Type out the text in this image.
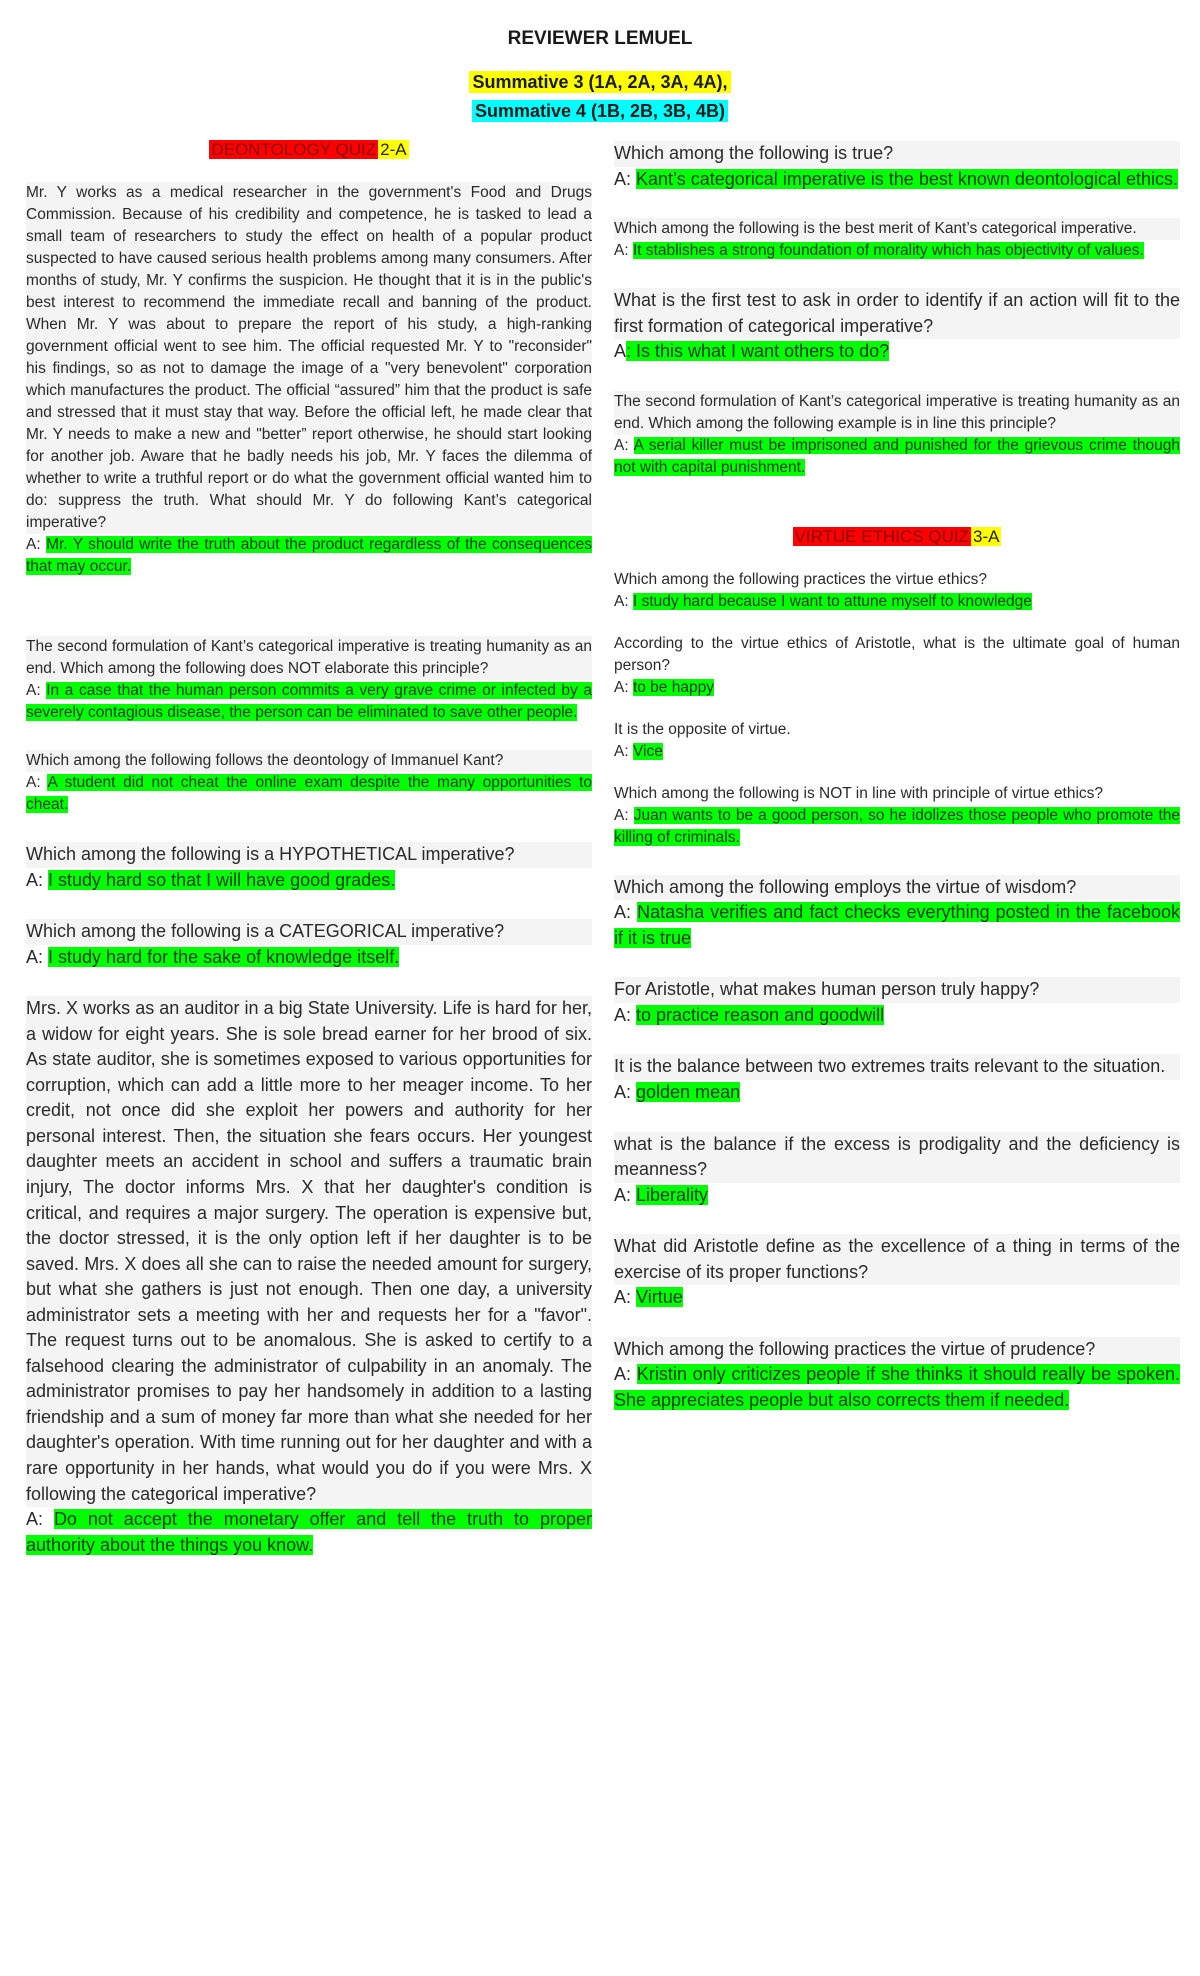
REVIEWER LEMUEL
Summative 3 (1A, 2A, 3A, 4A),
Summative 4 (1B, 2B, 3B, 4B)
DEONTOLOGY QUIZ 2-A
Mr. Y works as a medical researcher in the government's Food and Drugs Commission. Because of his credibility and competence, he is tasked to lead a small team of researchers to study the effect on health of a popular product suspected to have caused serious health problems among many consumers. After months of study, Mr. Y confirms the suspicion. He thought that it is in the public's best interest to recommend the immediate recall and banning of the product. When Mr. Y was about to prepare the report of his study, a high-ranking government official went to see him. The official requested Mr. Y to "reconsider" his findings, so as not to damage the image of a "very benevolent" corporation which manufactures the product. The official “assured” him that the product is safe and stressed that it must stay that way. Before the official left, he made clear that Mr. Y needs to make a new and "better” report otherwise, he should start looking for another job. Aware that he badly needs his job, Mr. Y faces the dilemma of whether to write a truthful report or do what the government official wanted him to do: suppress the truth. What should Mr. Y do following Kant’s categorical imperative?
A: Mr. Y should write the truth about the product regardless of the consequences that may occur.
The second formulation of Kant’s categorical imperative is treating humanity as an end. Which among the following does NOT elaborate this principle?
A: In a case that the human person commits a very grave crime or infected by a severely contagious disease, the person can be eliminated to save other people.
Which among the following follows the deontology of Immanuel Kant?
A: A student did not cheat the online exam despite the many opportunities to cheat.
Which among the following is a HYPOTHETICAL imperative?
A: I study hard so that I will have good grades.
Which among the following is a CATEGORICAL imperative?
A: I study hard for the sake of knowledge itself.
Mrs. X works as an auditor in a big State University. Life is hard for her, a widow for eight years. She is sole bread earner for her brood of six. As state auditor, she is sometimes exposed to various opportunities for corruption, which can add a little more to her meager income. To her credit, not once did she exploit her powers and authority for her personal interest. Then, the situation she fears occurs. Her youngest daughter meets an accident in school and suffers a traumatic brain injury, The doctor informs Mrs. X that her daughter's condition is critical, and requires a major surgery. The operation is expensive but, the doctor stressed, it is the only option left if her daughter is to be saved. Mrs. X does all she can to raise the needed amount for surgery, but what she gathers is just not enough. Then one day, a university administrator sets a meeting with her and requests her for a "favor". The request turns out to be anomalous. She is asked to certify to a falsehood clearing the administrator of culpability in an anomaly. The administrator promises to pay her handsomely in addition to a lasting friendship and a sum of money far more than what she needed for her daughter's operation. With time running out for her daughter and with a rare opportunity in her hands, what would you do if you were Mrs. X following the categorical imperative?
A: Do not accept the monetary offer and tell the truth to proper authority about the things you know.
Which among the following is true?
A: Kant’s categorical imperative is the best known deontological ethics.
Which among the following is the best merit of Kant’s categorical imperative.
A: It stablishes a strong foundation of morality which has objectivity of values.
What is the first test to ask in order to identify if an action will fit to the first formation of categorical imperative?
A: Is this what I want others to do?
The second formulation of Kant’s categorical imperative is treating humanity as an end. Which among the following example is in line this principle?
A: A serial killer must be imprisoned and punished for the grievous crime though not with capital punishment.
VIRTUE ETHICS QUIZ 3-A
Which among the following practices the virtue ethics?
A: I study hard because I want to attune myself to knowledge
According to the virtue ethics of Aristotle, what is the ultimate goal of human person?
A: to be happy
It is the opposite of virtue.
A: Vice
Which among the following is NOT in line with principle of virtue ethics?
A: Juan wants to be a good person, so he idolizes those people who promote the killing of criminals.
Which among the following employs the virtue of wisdom?
A: Natasha verifies and fact checks everything posted in the facebook if it is true
For Aristotle, what makes human person truly happy?
A: to practice reason and goodwill
It is the balance between two extremes traits relevant to the situation.
A: golden mean
what is the balance if the excess is prodigality and the deficiency is meanness?
A: Liberality
What did Aristotle define as the excellence of a thing in terms of the exercise of its proper functions?
A: Virtue
Which among the following practices the virtue of prudence?
A: Kristin only criticizes people if she thinks it should really be spoken. She appreciates people but also corrects them if needed.
